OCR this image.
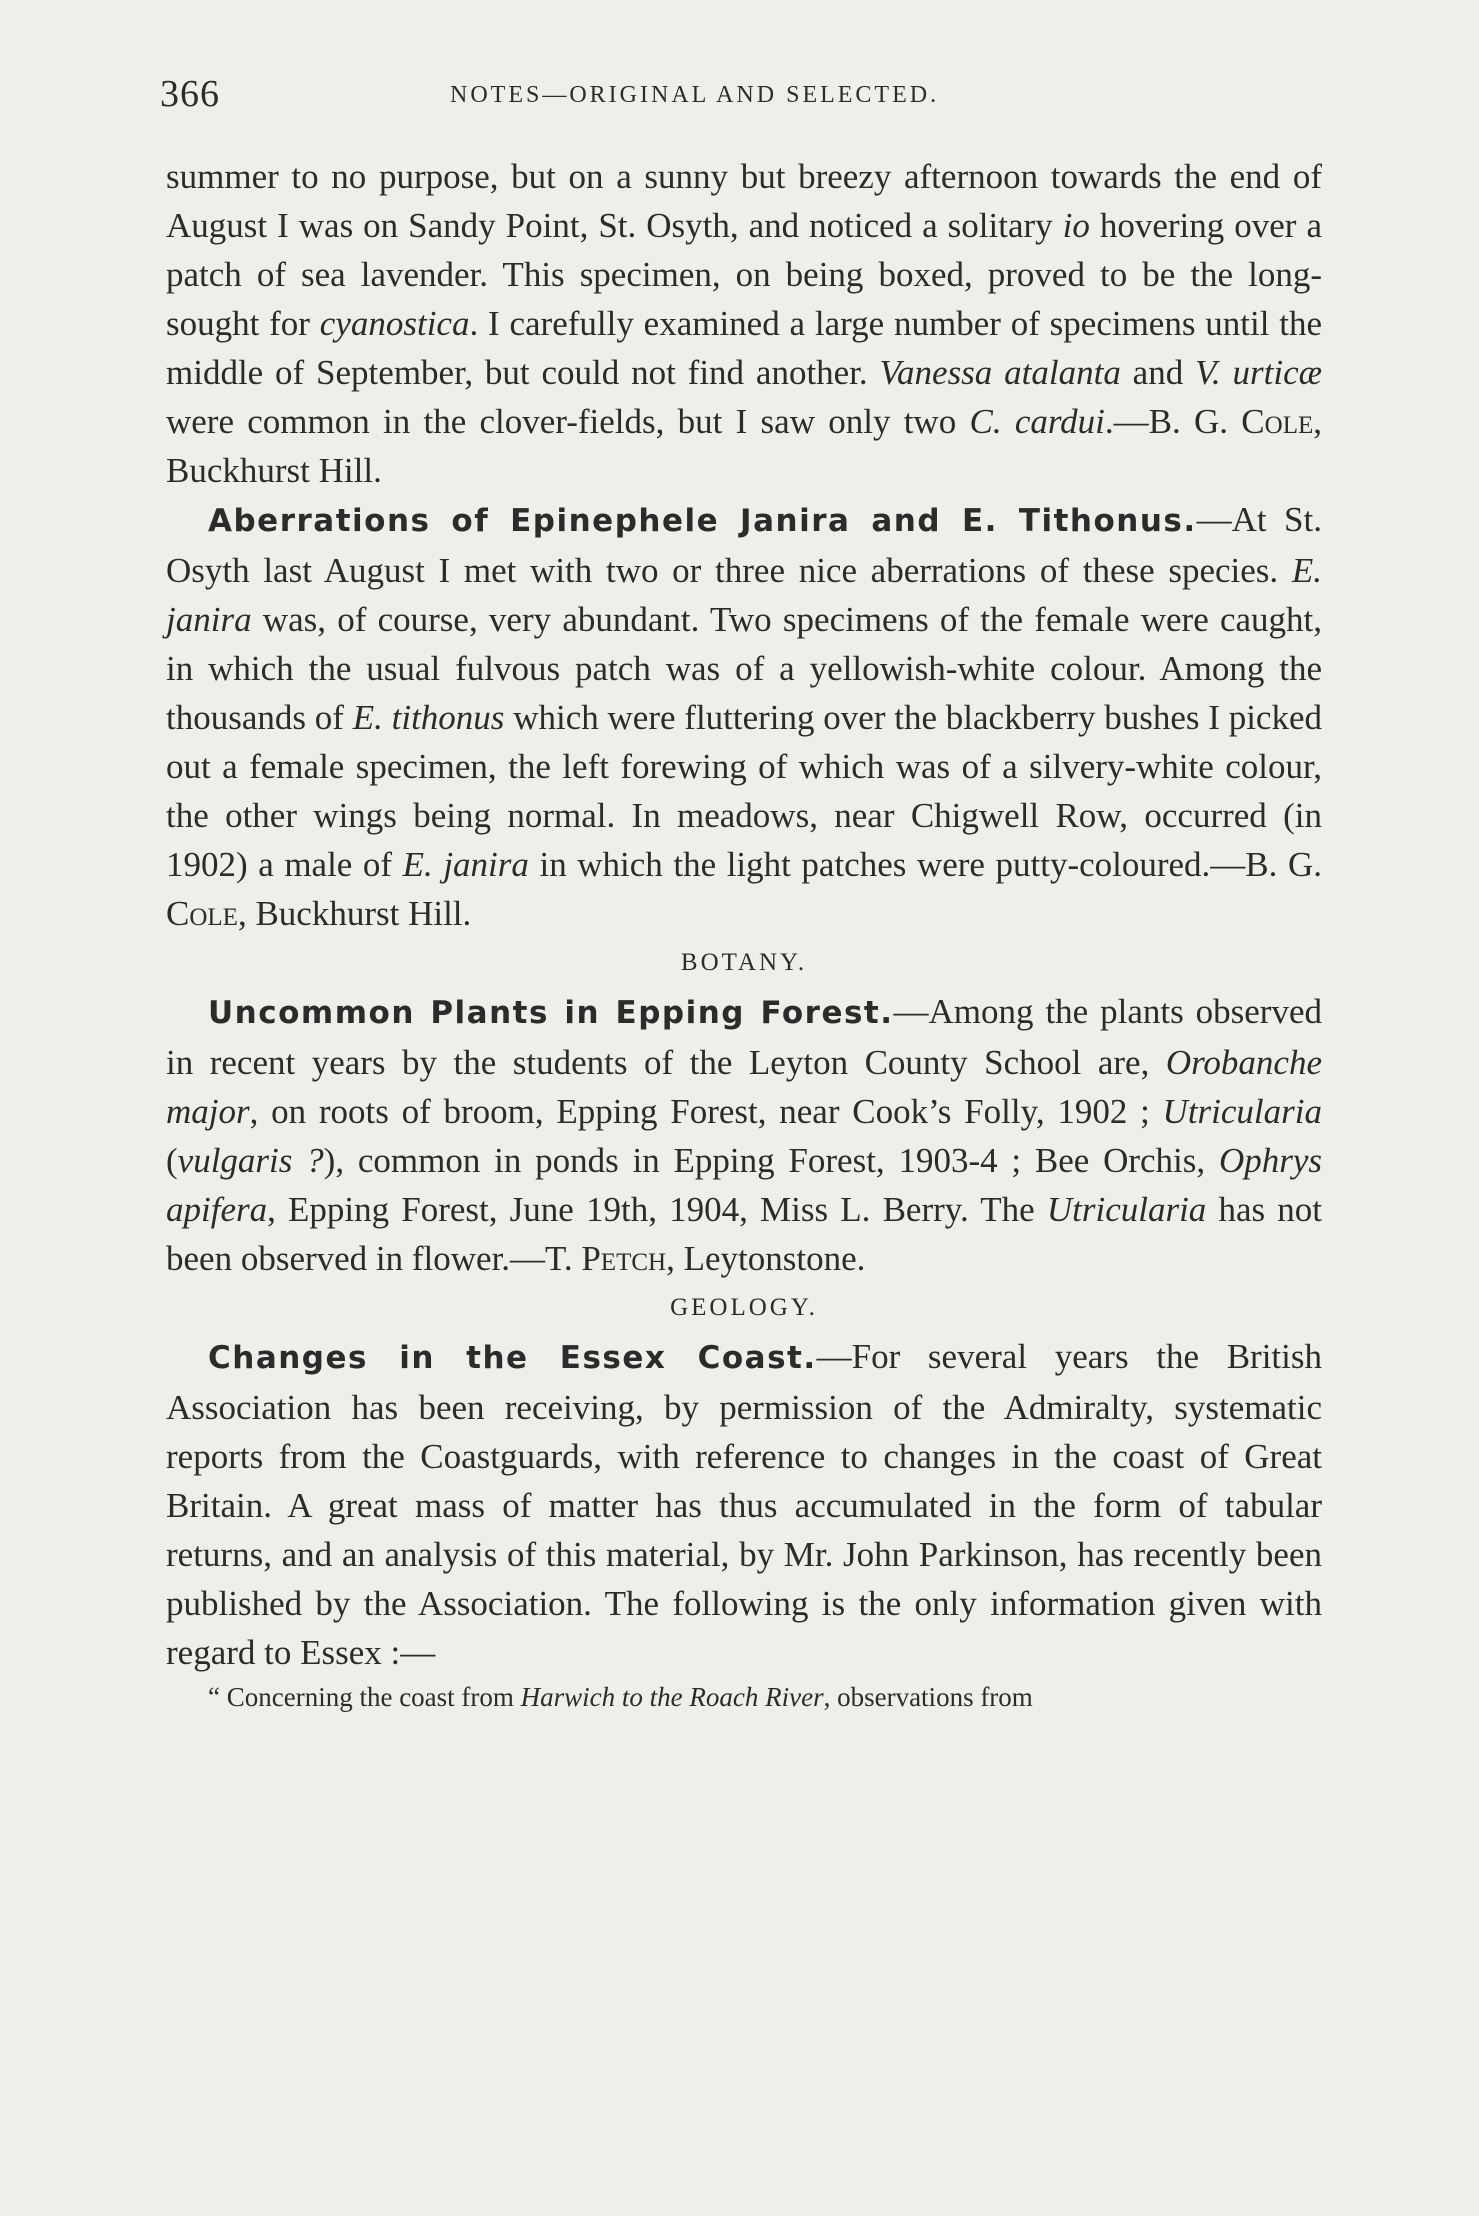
366	NOTES—ORIGINAL AND SELECTED.

summer to no purpose, but on a sunny but breezy afternoon towards the end of August I was on Sandy Point, St. Osyth, and noticed a solitary io hovering over a patch of sea lavender. This specimen, on being boxed, proved to be the long-sought for cyanostica. I carefully examined a large number of specimens until the middle of September, but could not find another. Vanessa atalanta and V. urticæ were common in the clover-fields, but I saw only two C. cardui.—B. G. Cole, Buckhurst Hill.

Aberrations of Epinephele Janira and E. Tithonus.—At St. Osyth last August I met with two or three nice aberrations of these species. E. janira was, of course, very abundant. Two specimens of the female were caught, in which the usual fulvous patch was of a yellowish-white colour. Among the thousands of E. tithonus which were fluttering over the blackberry bushes I picked out a female specimen, the left forewing of which was of a silvery-white colour, the other wings being normal. In meadows, near Chigwell Row, occurred (in 1902) a male of E. janira in which the light patches were putty-coloured.—B. G. Cole, Buckhurst Hill.

BOTANY.

Uncommon Plants in Epping Forest.—Among the plants observed in recent years by the students of the Leyton County School are, Orobanche major, on roots of broom, Epping Forest, near Cook’s Folly, 1902 ; Utricularia (vulgaris ?), common in ponds in Epping Forest, 1903-4 ; Bee Orchis, Ophrys apifera, Epping Forest, June 19th, 1904, Miss L. Berry. The Utricularia has not been observed in flower.—T. Petch, Leytonstone.

GEOLOGY.

Changes in the Essex Coast.—For several years the British Association has been receiving, by permission of the Admiralty, systematic reports from the Coastguards, with reference to changes in the coast of Great Britain. A great mass of matter has thus accumulated in the form of tabular returns, and an analysis of this material, by Mr. John Parkinson, has recently been published by the Association. The following is the only information given with regard to Essex :—

“ Concerning the coast from Harwich to the Roach River, observations from
